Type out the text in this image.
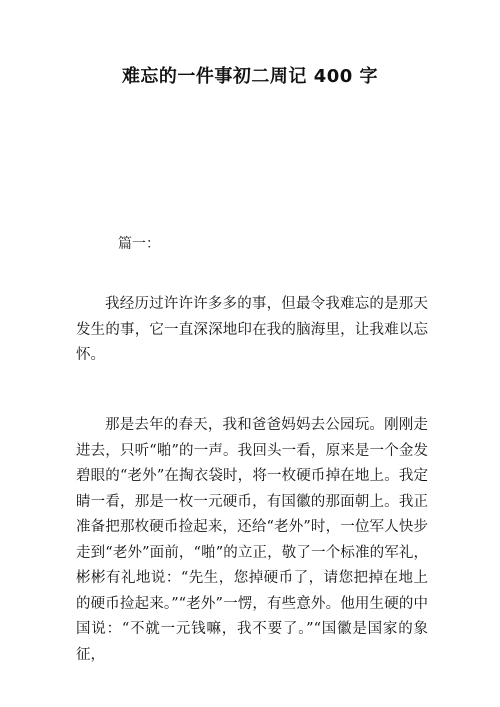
难忘的一件事初二周记 400 字
篇一：

我经历过许许许多多的事，但最令我难忘的是那天发生的事，它一直深深地印在我的脑海里，让我难以忘怀。

那是去年的春天，我和爸爸妈妈去公园玩。刚刚走进去，只听“啪”的一声。我回头一看，原来是一个金发碧眼的“老外”在掏衣袋时，将一枚硬币掉在地上。我定睛一看，那是一枚一元硬币，有国徽的那面朝上。我正准备把那枚硬币捡起来，还给“老外”时，一位军人快步走到“老外”面前，“啪”的立正，敬了一个标准的军礼，彬彬有礼地说：“先生，您掉硬币了，请您把掉在地上的硬币捡起来。”“老外”一愣，有些意外。他用生硬的中国说：“不就一元钱嘛，我不要了。”“国徽是国家的象征，
